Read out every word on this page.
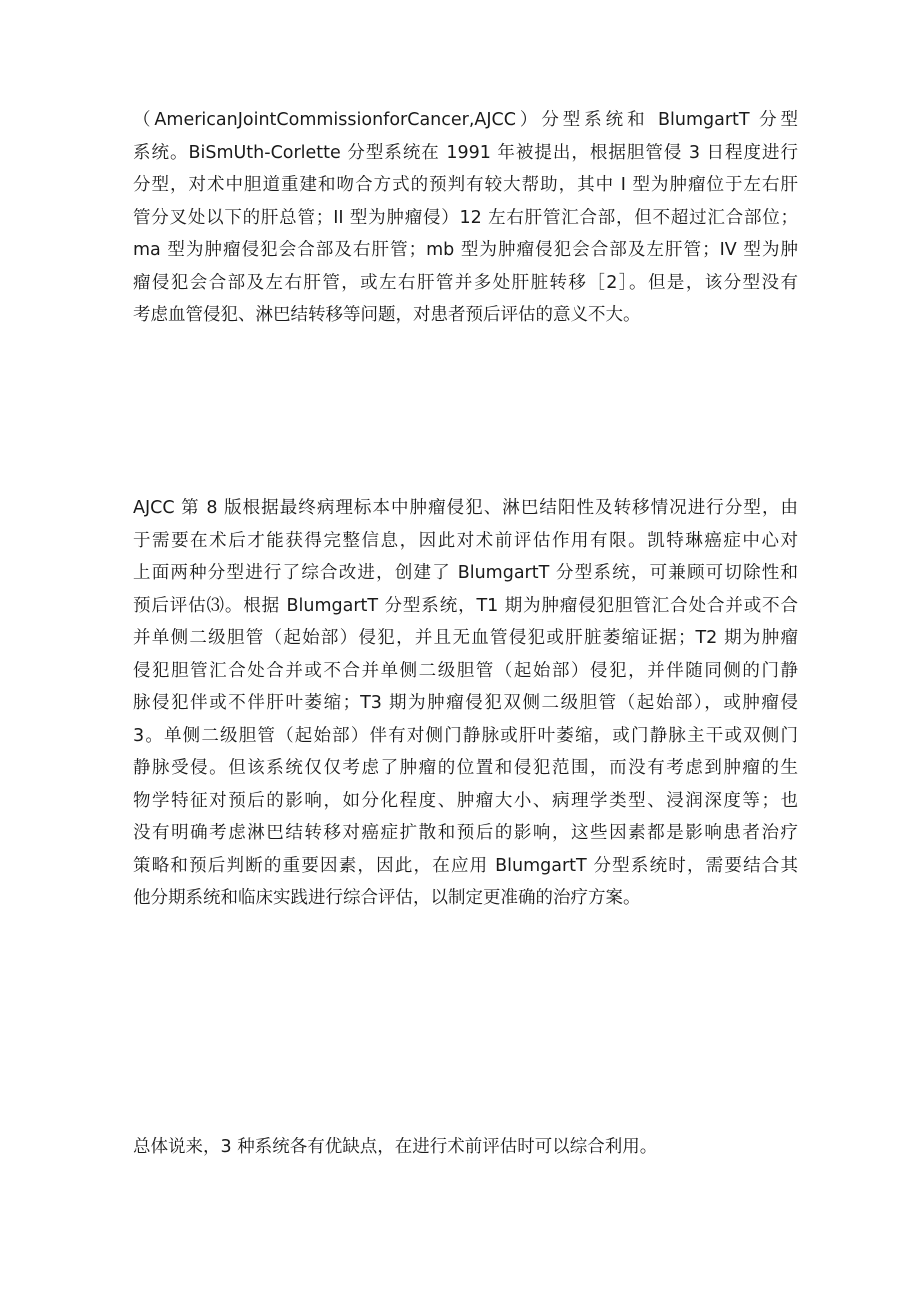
（AmericanJointCommissionforCancer,AJCC）分型系统和 BlumgartT 分型
系统。BiSmUth-Corlette 分型系统在 1991 年被提出，根据胆管侵 3 日程度进行
分型，对术中胆道重建和吻合方式的预判有较大帮助，其中 I 型为肿瘤位于左右肝
管分叉处以下的肝总管；II 型为肿瘤侵）12 左右肝管汇合部，但不超过汇合部位；
ma 型为肿瘤侵犯会合部及右肝管；mb 型为肿瘤侵犯会合部及左肝管；IV 型为肿
瘤侵犯会合部及左右肝管，或左右肝管并多处肝脏转移［2］。但是，该分型没有
考虑血管侵犯、淋巴结转移等问题，对患者预后评估的意义不大。

AJCC 第 8 版根据最终病理标本中肿瘤侵犯、淋巴结阳性及转移情况进行分型，由
于需要在术后才能获得完整信息，因此对术前评估作用有限。凯特琳癌症中心对
上面两种分型进行了综合改进，创建了 BlumgartT 分型系统，可兼顾可切除性和
预后评估⑶。根据 BlumgartT 分型系统，T1 期为肿瘤侵犯胆管汇合处合并或不合
并单侧二级胆管（起始部）侵犯，并且无血管侵犯或肝脏萎缩证据；T2 期为肿瘤
侵犯胆管汇合处合并或不合并单侧二级胆管（起始部）侵犯，并伴随同侧的门静
脉侵犯伴或不伴肝叶萎缩；T3 期为肿瘤侵犯双侧二级胆管（起始部），或肿瘤侵
3。单侧二级胆管（起始部）伴有对侧门静脉或肝叶萎缩，或门静脉主干或双侧门
静脉受侵。但该系统仅仅考虑了肿瘤的位置和侵犯范围，而没有考虑到肿瘤的生
物学特征对预后的影响，如分化程度、肿瘤大小、病理学类型、浸润深度等；也
没有明确考虑淋巴结转移对癌症扩散和预后的影响，这些因素都是影响患者治疗
策略和预后判断的重要因素，因此，在应用 BlumgartT 分型系统时，需要结合其
他分期系统和临床实践进行综合评估，以制定更准确的治疗方案。

总体说来，3 种系统各有优缺点，在进行术前评估时可以综合利用。
